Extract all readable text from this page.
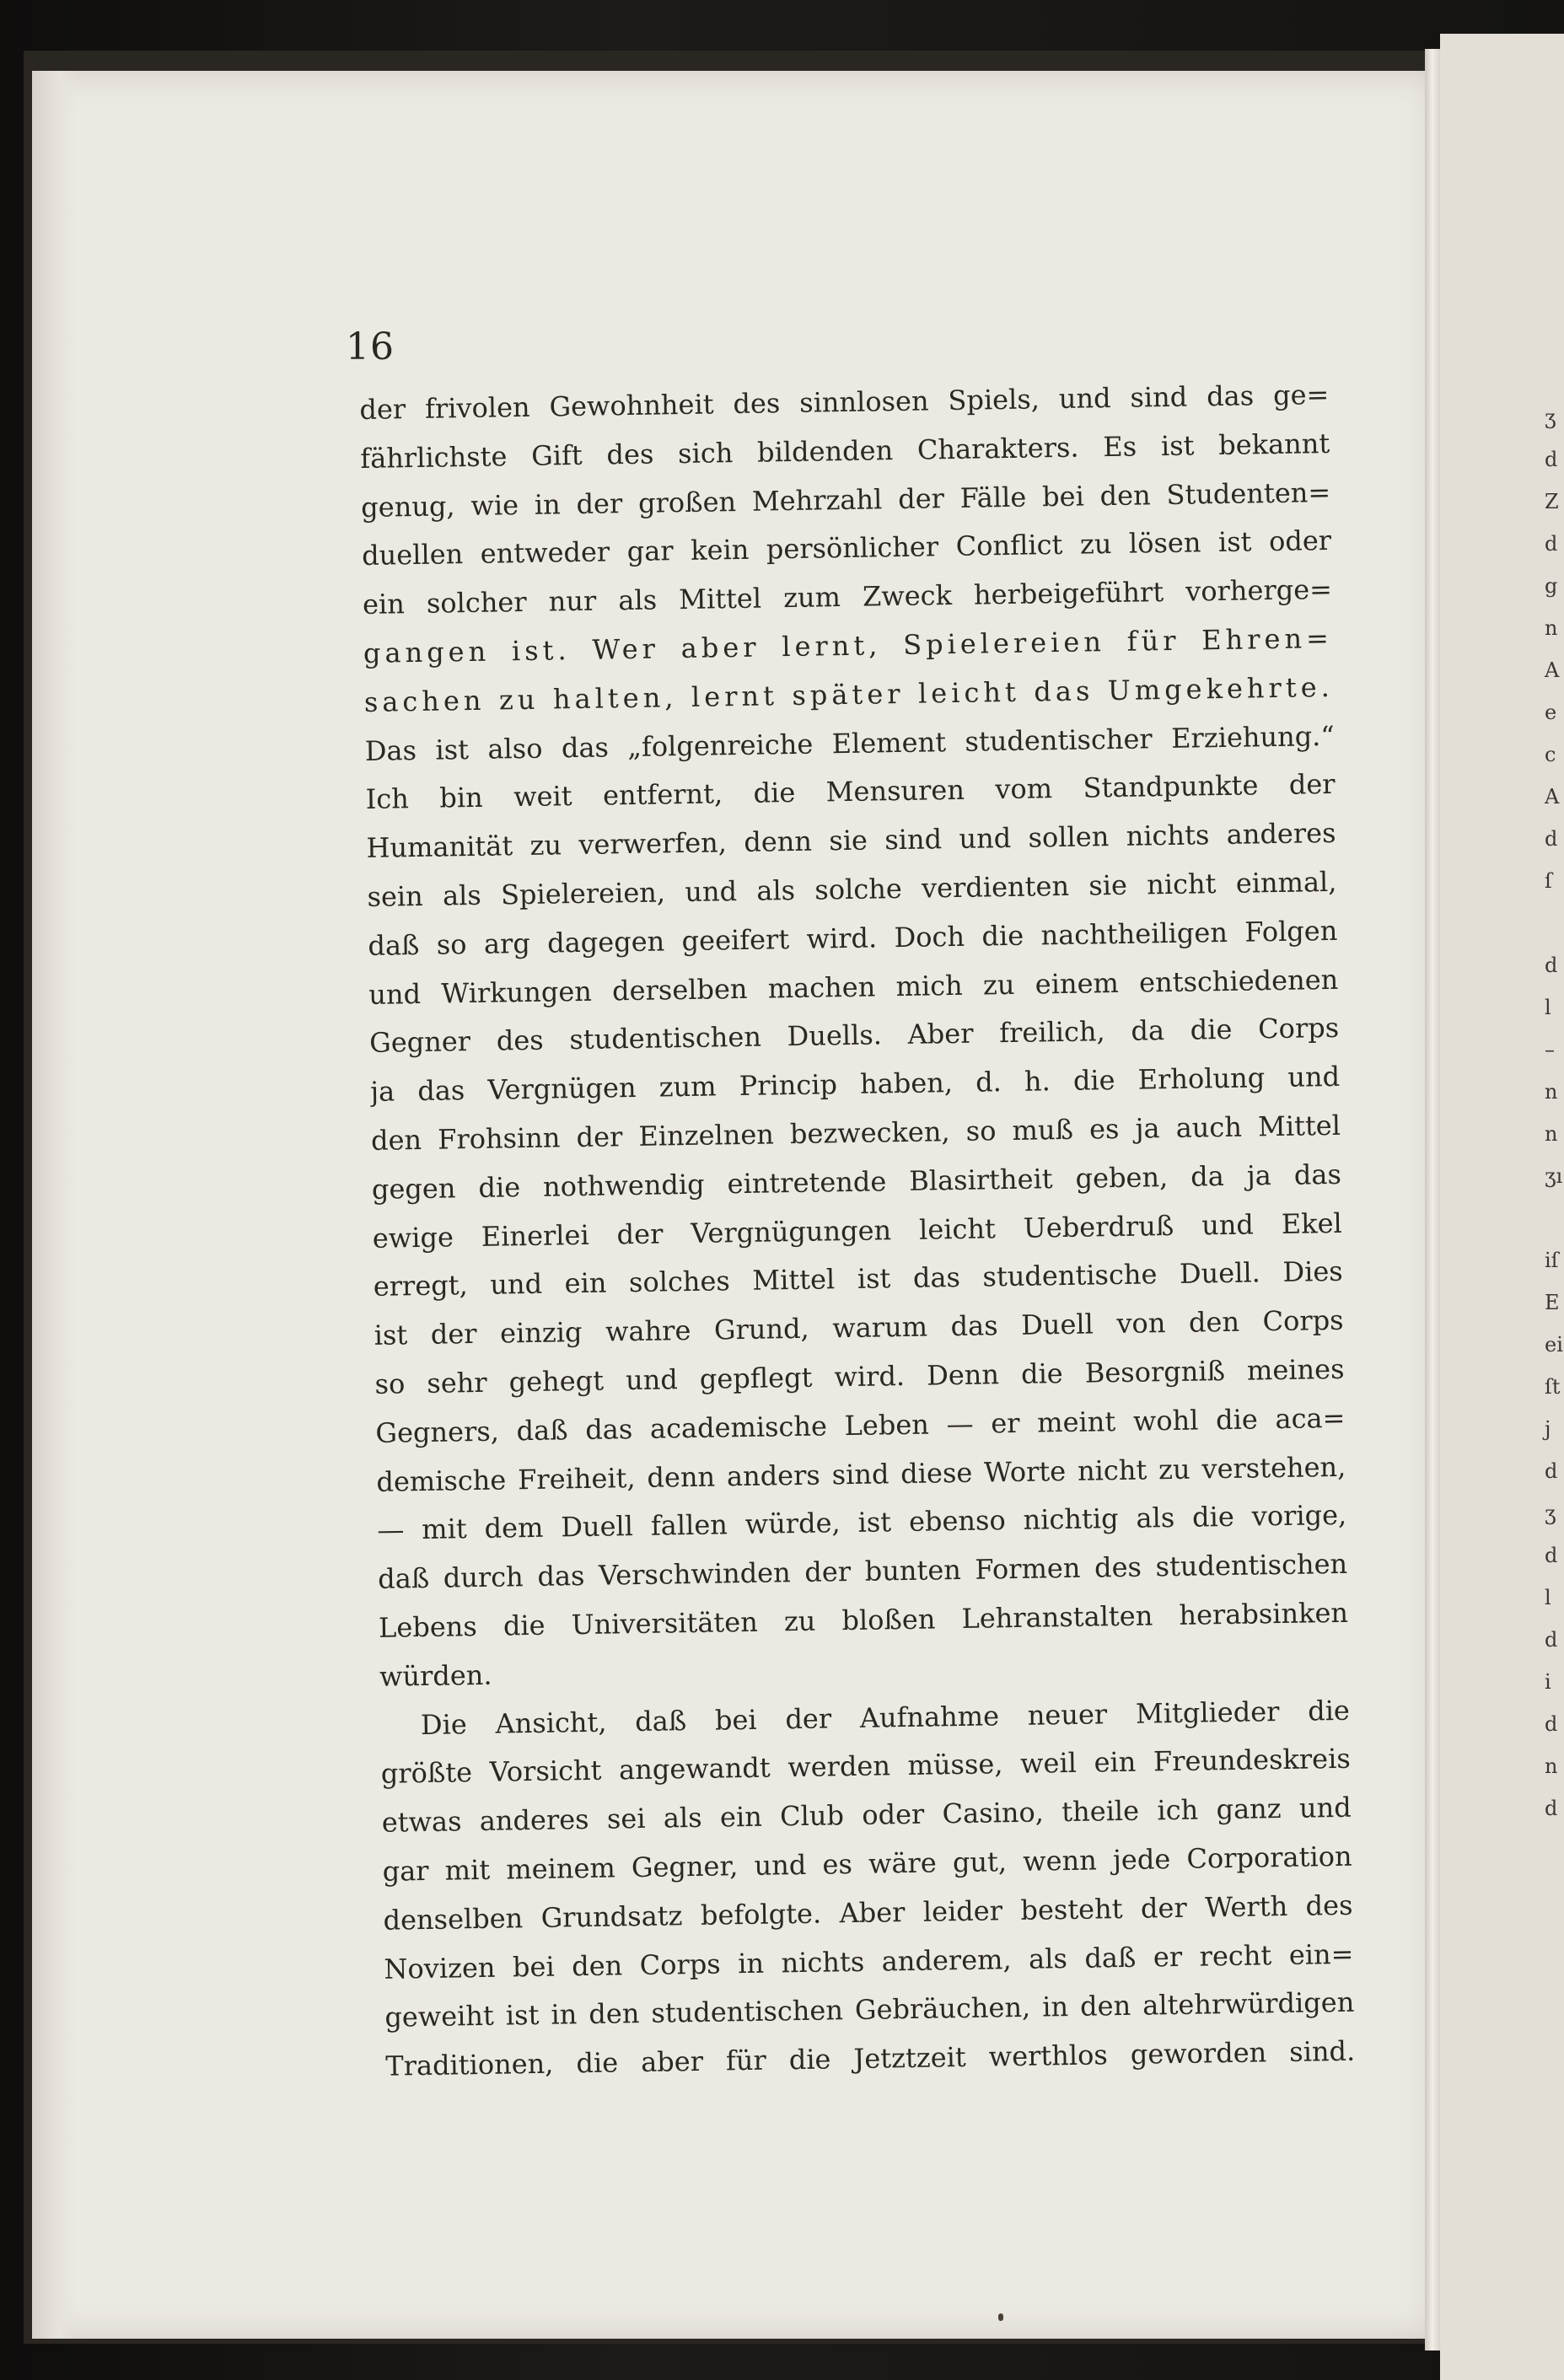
ʒ
d
Z
d
g
n
A
e
c
A
d
ſ
d
l
–
n
n
ʒı
iſ
E
ei
ſt
j
d
ʒ
d
l
d
i
d
n
d
16
der frivolen Gewohnheit des sinnlosen Spiels, und sind das ge=
fährlichste Gift des sich bildenden Charakters. Es ist bekannt
genug, wie in der großen Mehrzahl der Fälle bei den Studenten=
duellen entweder gar kein persönlicher Conflict zu lösen ist oder
ein solcher nur als Mittel zum Zweck herbeigeführt vorherge=
gangen ist. Wer aber lernt, Spielereien für Ehren=
sachen zu halten, lernt später leicht das Umgekehrte.
Das ist also das „folgenreiche Element studentischer Erziehung.“
Ich bin weit entfernt, die Mensuren vom Standpunkte der
Humanität zu verwerfen, denn sie sind und sollen nichts anderes
sein als Spielereien, und als solche verdienten sie nicht einmal,
daß so arg dagegen geeifert wird. Doch die nachtheiligen Folgen
und Wirkungen derselben machen mich zu einem entschiedenen
Gegner des studentischen Duells. Aber freilich, da die Corps
ja das Vergnügen zum Princip haben, d. h. die Erholung und
den Frohsinn der Einzelnen bezwecken, so muß es ja auch Mittel
gegen die nothwendig eintretende Blasirtheit geben, da ja das
ewige Einerlei der Vergnügungen leicht Ueberdruß und Ekel
erregt, und ein solches Mittel ist das studentische Duell. Dies
ist der einzig wahre Grund, warum das Duell von den Corps
so sehr gehegt und gepflegt wird. Denn die Besorgniß meines
Gegners, daß das academische Leben — er meint wohl die aca=
demische Freiheit, denn anders sind diese Worte nicht zu verstehen,
— mit dem Duell fallen würde, ist ebenso nichtig als die vorige,
daß durch das Verschwinden der bunten Formen des studentischen
Lebens die Universitäten zu bloßen Lehranstalten herabsinken
würden.
Die Ansicht, daß bei der Aufnahme neuer Mitglieder die
größte Vorsicht angewandt werden müsse, weil ein Freundeskreis
etwas anderes sei als ein Club oder Casino, theile ich ganz und
gar mit meinem Gegner, und es wäre gut, wenn jede Corporation
denselben Grundsatz befolgte. Aber leider besteht der Werth des
Novizen bei den Corps in nichts anderem, als daß er recht ein=
geweiht ist in den studentischen Gebräuchen, in den altehrwürdigen
Traditionen, die aber für die Jetztzeit werthlos geworden sind.
